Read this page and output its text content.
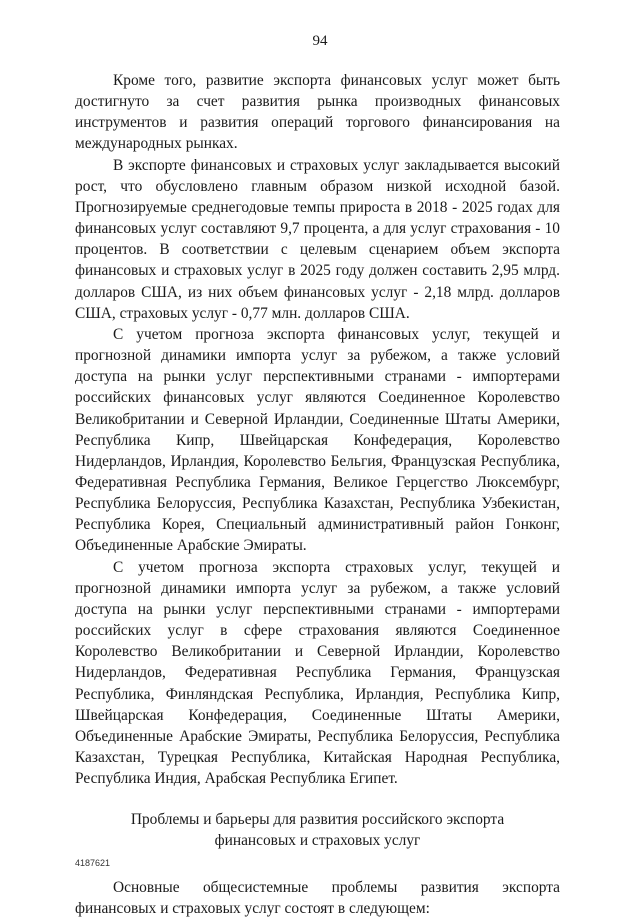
94

Кроме того, развитие экспорта финансовых услуг может быть достигнуто за счет развития рынка производных финансовых инструментов и развития операций торгового финансирования на международных рынках.

В экспорте финансовых и страховых услуг закладывается высокий рост, что обусловлено главным образом низкой исходной базой. Прогнозируемые среднегодовые темпы прироста в 2018 - 2025 годах для финансовых услуг составляют 9,7 процента, а для услуг страхования - 10 процентов. В соответствии с целевым сценарием объем экспорта финансовых и страховых услуг в 2025 году должен составить 2,95 млрд. долларов США, из них объем финансовых услуг - 2,18 млрд. долларов США, страховых услуг - 0,77 млн. долларов США.

С учетом прогноза экспорта финансовых услуг, текущей и прогнозной динамики импорта услуг за рубежом, а также условий доступа на рынки услуг перспективными странами - импортерами российских финансовых услуг являются Соединенное Королевство Великобритании и Северной Ирландии, Соединенные Штаты Америки, Республика Кипр, Швейцарская Конфедерация, Королевство Нидерландов, Ирландия, Королевство Бельгия, Французская Республика, Федеративная Республика Германия, Великое Герцегство Люксембург, Республика Белоруссия, Республика Казахстан, Республика Узбекистан, Республика Корея, Специальный административный район Гонконг, Объединенные Арабские Эмираты.

С учетом прогноза экспорта страховых услуг, текущей и прогнозной динамики импорта услуг за рубежом, а также условий доступа на рынки услуг перспективными странами - импортерами российских услуг в сфере страхования являются Соединенное Королевство Великобритании и Северной Ирландии, Королевство Нидерландов, Федеративная Республика Германия, Французская Республика, Финляндская Республика, Ирландия, Республика Кипр, Швейцарская Конфедерация, Соединенные Штаты Америки, Объединенные Арабские Эмираты, Республика Белоруссия, Республика Казахстан, Турецкая Республика, Китайская Народная Республика, Республика Индия, Арабская Республика Египет.

Проблемы и барьеры для развития российского экспорта
финансовых и страховых услуг

Основные общесистемные проблемы развития экспорта финансовых и страховых услуг состоят в следующем:

4187621
